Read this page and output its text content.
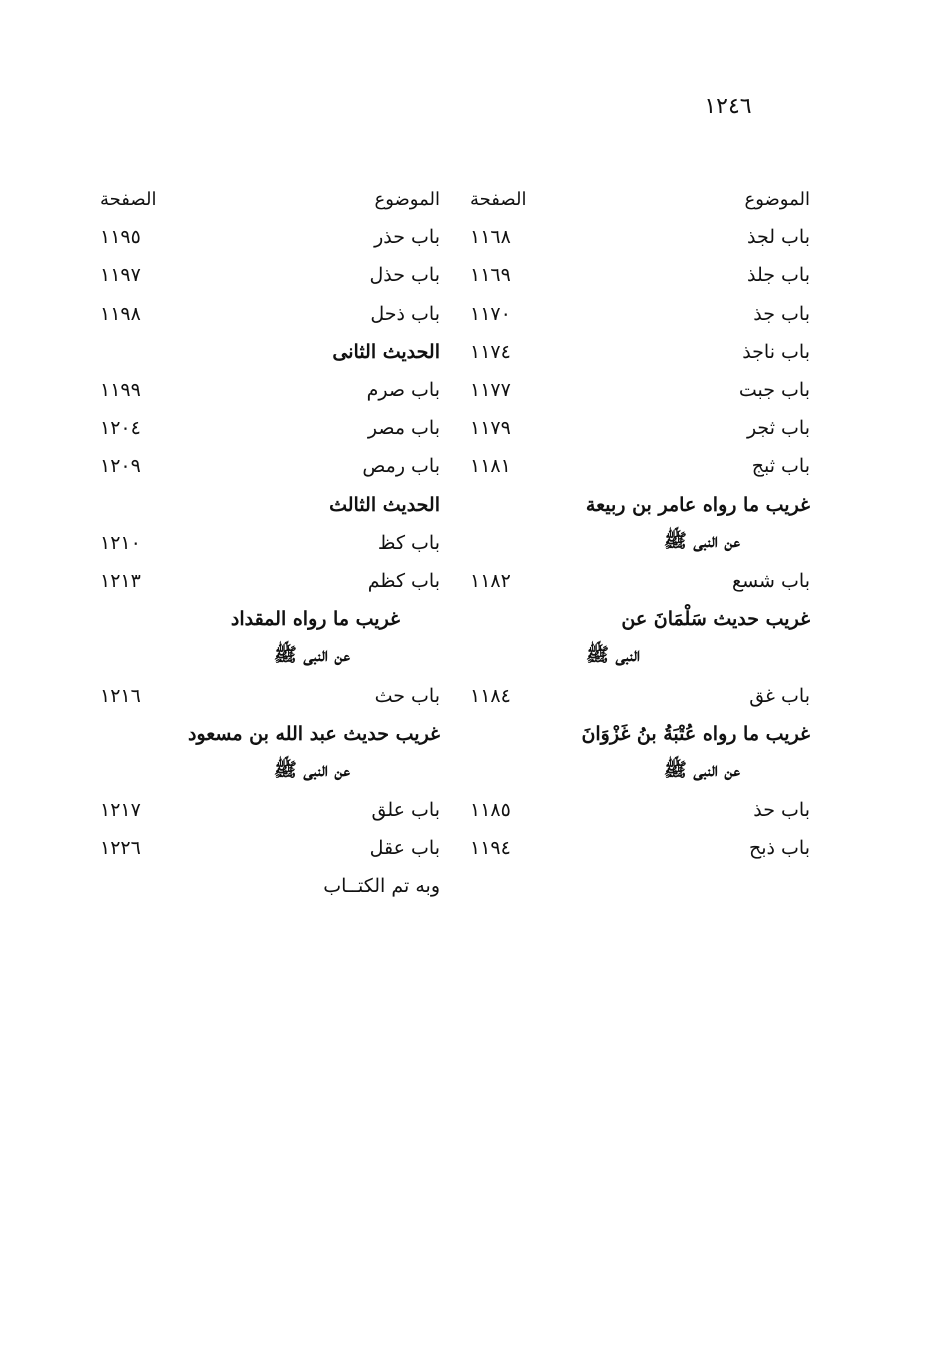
١٢٤٦
الموضوع
الصفحة
باب لجذ
١١٦٨
باب جلذ
١١٦٩
باب جذ
١١٧٠
باب ناجذ
١١٧٤
باب جبت
١١٧٧
باب ثجر
١١٧٩
باب ثبج
١١٨١
غريب ما رواه عامر بن ربيعة
عن النبى ﷺ
باب شسع
١١٨٢
غريب حديث سَلْمَانَ عن
النبى ﷺ
باب غق
١١٨٤
غريب ما رواه عُتْبَةُ بنُ غَزْوَانَ
عن النبى ﷺ
باب حذ
١١٨٥
باب ذبح
١١٩٤
الموضوع
الصفحة
باب حذر
١١٩٥
باب حذل
١١٩٧
باب ذحل
١١٩٨
الحديث الثانى
باب صرم
١١٩٩
باب مصر
١٢٠٤
باب رمص
١٢٠٩
الحديث الثالث
باب كظ
١٢١٠
باب كظم
١٢١٣
غريب ما رواه المقداد
عن النبى ﷺ
باب حث
١٢١٦
غريب حديث عبد الله بن مسعود
عن النبى ﷺ
باب علق
١٢١٧
باب عقل
١٢٢٦
وبه تم الكتــاب
